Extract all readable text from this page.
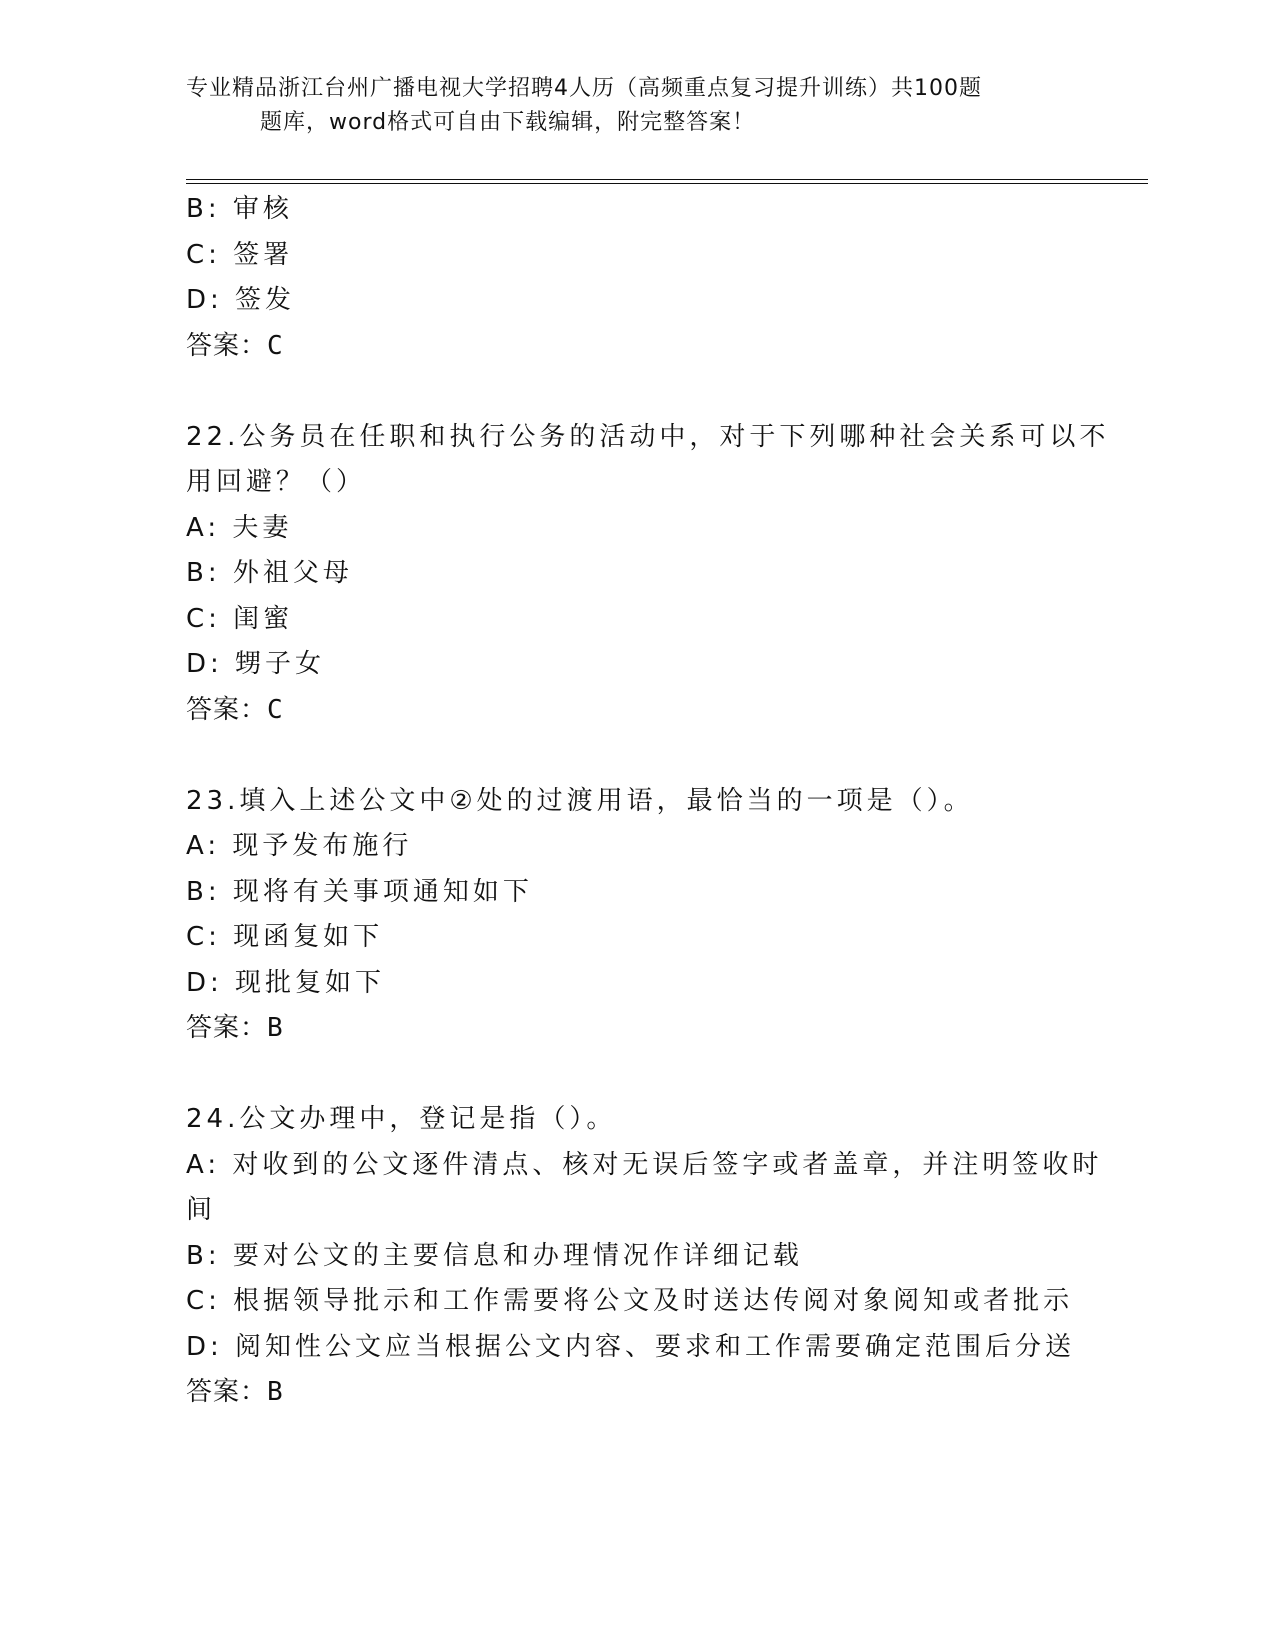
专业精品浙江台州广播电视大学招聘4人历（高频重点复习提升训练）共100题
题库，word格式可自由下载编辑，附完整答案！
B: 审核
C: 签署
D: 签发
答案：C
22.公务员在任职和执行公务的活动中，对于下列哪种社会关系可以不
用回避？（）
A: 夫妻
B: 外祖父母
C: 闺蜜
D: 甥子女
答案：C
23.填入上述公文中②处的过渡用语，最恰当的一项是（）。
A: 现予发布施行
B: 现将有关事项通知如下
C: 现函复如下
D: 现批复如下
答案：B
24.公文办理中，登记是指（）。
A: 对收到的公文逐件清点、核对无误后签字或者盖章，并注明签收时
间
B: 要对公文的主要信息和办理情况作详细记载
C: 根据领导批示和工作需要将公文及时送达传阅对象阅知或者批示
D: 阅知性公文应当根据公文内容、要求和工作需要确定范围后分送
答案：B
